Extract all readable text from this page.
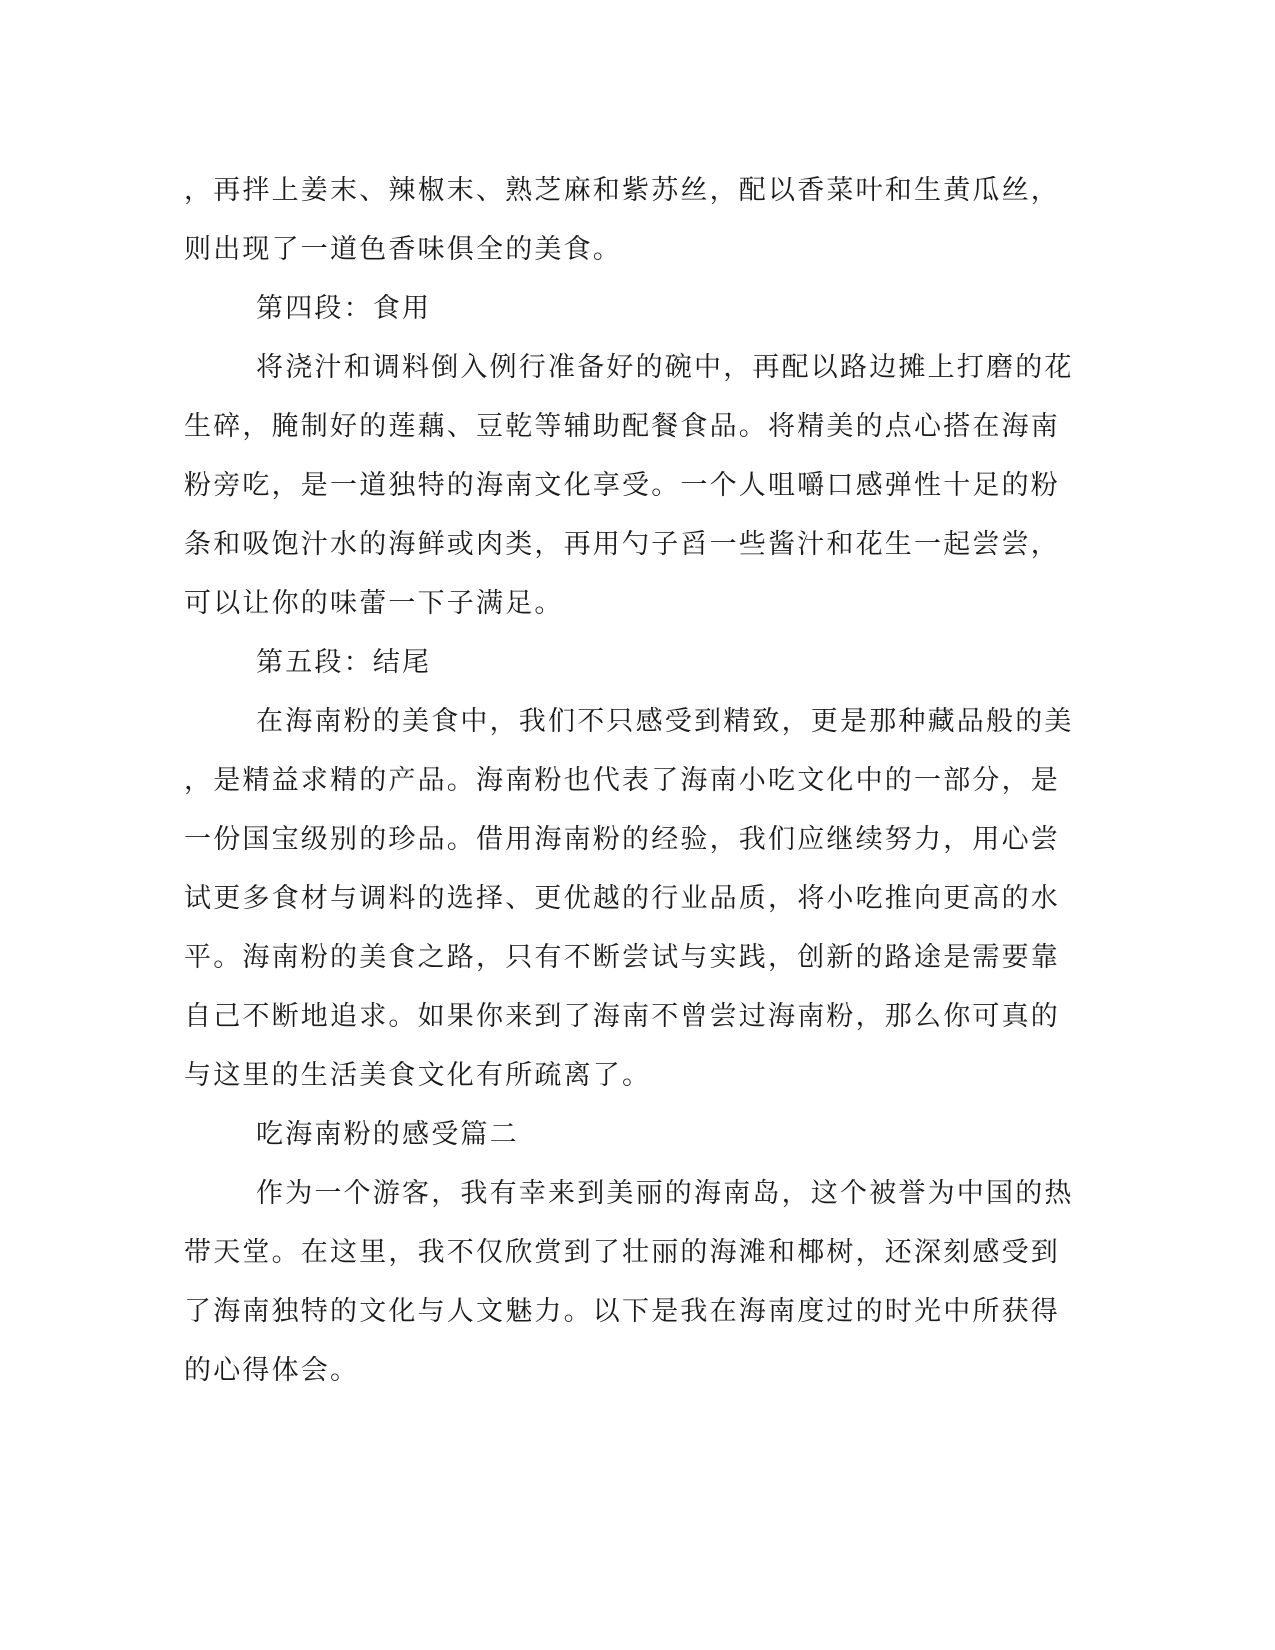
，再拌上姜末、辣椒末、熟芝麻和紫苏丝，配以香菜叶和生黄瓜丝，
则出现了一道色香味俱全的美食。
第四段：食用
将浇汁和调料倒入例行准备好的碗中，再配以路边摊上打磨的花
生碎，腌制好的莲藕、豆乾等辅助配餐食品。将精美的点心搭在海南
粉旁吃，是一道独特的海南文化享受。一个人咀嚼口感弹性十足的粉
条和吸饱汁水的海鲜或肉类，再用勺子舀一些酱汁和花生一起尝尝，
可以让你的味蕾一下子满足。
第五段：结尾
在海南粉的美食中，我们不只感受到精致，更是那种藏品般的美
，是精益求精的产品。海南粉也代表了海南小吃文化中的一部分，是
一份国宝级别的珍品。借用海南粉的经验，我们应继续努力，用心尝
试更多食材与调料的选择、更优越的行业品质，将小吃推向更高的水
平。海南粉的美食之路，只有不断尝试与实践，创新的路途是需要靠
自己不断地追求。如果你来到了海南不曾尝过海南粉，那么你可真的
与这里的生活美食文化有所疏离了。
吃海南粉的感受篇二
作为一个游客，我有幸来到美丽的海南岛，这个被誉为中国的热
带天堂。在这里，我不仅欣赏到了壮丽的海滩和椰树，还深刻感受到
了海南独特的文化与人文魅力。以下是我在海南度过的时光中所获得
的心得体会。
